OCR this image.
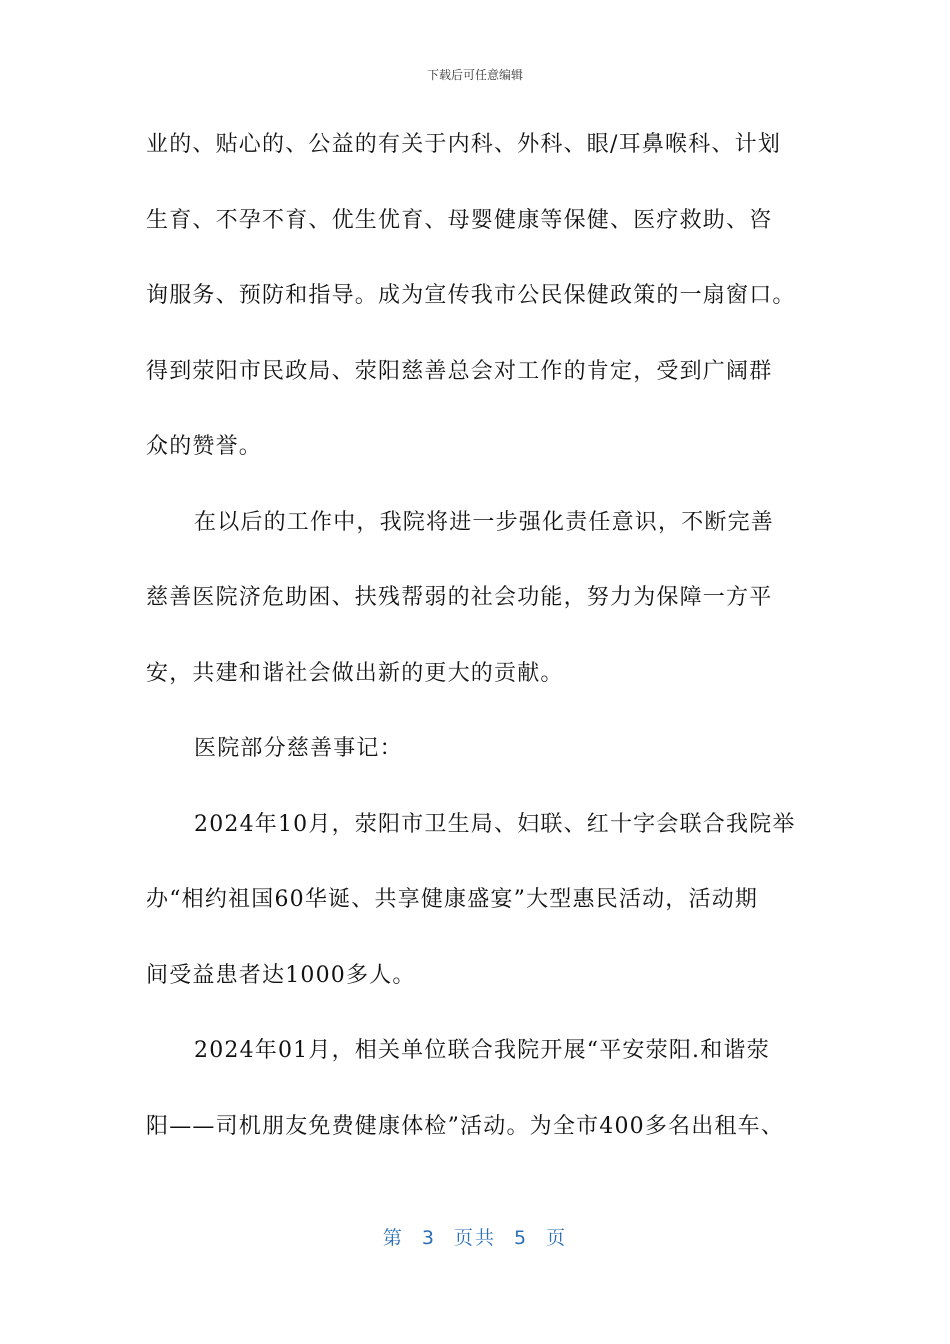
下载后可任意编辑
业的、贴心的、公益的有关于内科、外科、眼/耳鼻喉科、计划
生育、不孕不育、优生优育、母婴健康等保健、医疗救助、咨
询服务、预防和指导。成为宣传我市公民保健政策的一扇窗口。
得到荥阳市民政局、荥阳慈善总会对工作的肯定，受到广阔群
众的赞誉。
在以后的工作中，我院将进一步强化责任意识，不断完善
慈善医院济危助困、扶残帮弱的社会功能，努力为保障一方平
安，共建和谐社会做出新的更大的贡献。
医院部分慈善事记：
2024年10月，荥阳市卫生局、妇联、红十字会联合我院举
办“相约祖国60华诞、共享健康盛宴”大型惠民活动，活动期
间受益患者达1000多人。
2024年01月，相关单位联合我院开展“平安荥阳.和谐荥
阳——司机朋友免费健康体检”活动。为全市400多名出租车、
第 3 页共 5 页
